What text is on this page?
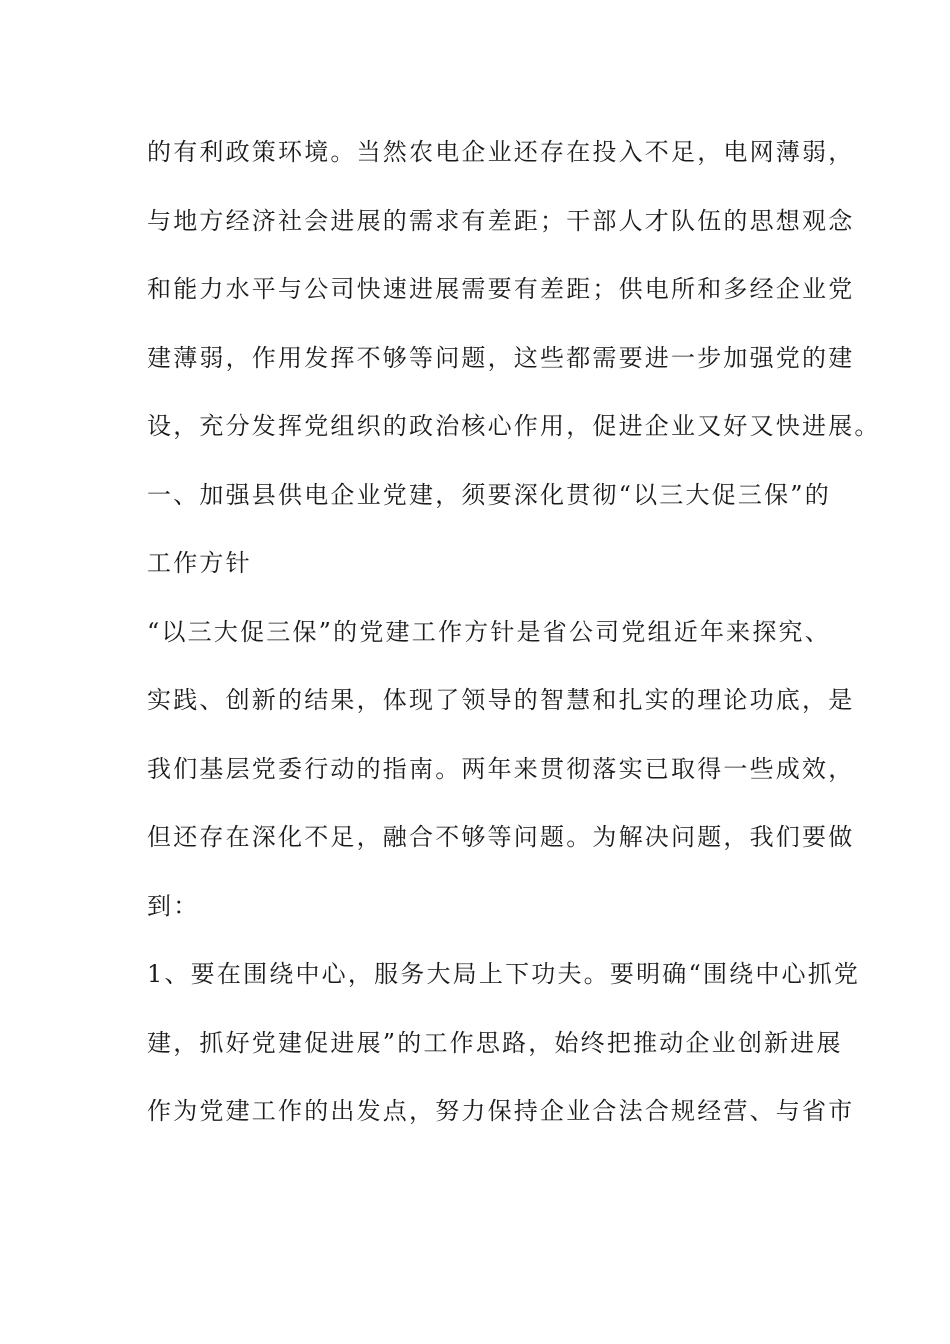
的有利政策环境。当然农电企业还存在投入不足，电网薄弱，
与地方经济社会进展的需求有差距；干部人才队伍的思想观念
和能力水平与公司快速进展需要有差距；供电所和多经企业党
建薄弱，作用发挥不够等问题，这些都需要进一步加强党的建
设，充分发挥党组织的政治核心作用，促进企业又好又快进展。
一、加强县供电企业党建，须要深化贯彻“以三大促三保”的
工作方针
“以三大促三保”的党建工作方针是省公司党组近年来探究、
实践、创新的结果，体现了领导的智慧和扎实的理论功底，是
我们基层党委行动的指南。两年来贯彻落实已取得一些成效，
但还存在深化不足，融合不够等问题。为解决问题，我们要做
到：
1、要在围绕中心，服务大局上下功夫。要明确“围绕中心抓党
建，抓好党建促进展”的工作思路，始终把推动企业创新进展
作为党建工作的出发点，努力保持企业合法合规经营、与省市
